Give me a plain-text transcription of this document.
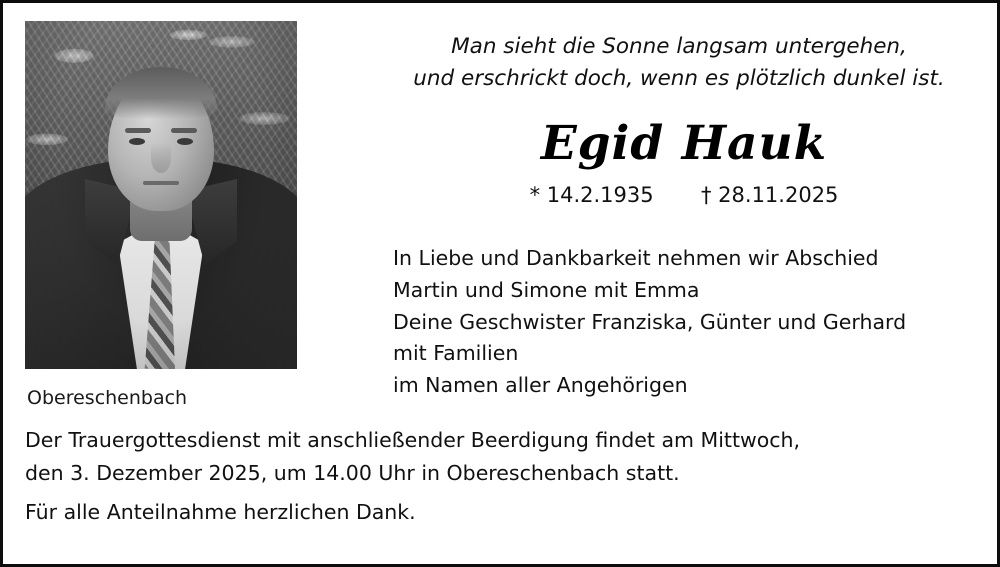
Obereschenbach
Man sieht die Sonne langsam untergehen,
und erschrickt doch, wenn es plötzlich dunkel ist.
Egid Hauk
* 14.2.1935 † 28.11.2025
In Liebe und Dankbarkeit nehmen wir Abschied
Martin und Simone mit Emma
Deine Geschwister Franziska, Günter und Gerhard
mit Familien
im Namen aller Angehörigen
Der Trauergottesdienst mit anschließender Beerdigung findet am Mittwoch,
den 3. Dezember 2025, um 14.00 Uhr in Obereschenbach statt.
Für alle Anteilnahme herzlichen Dank.
